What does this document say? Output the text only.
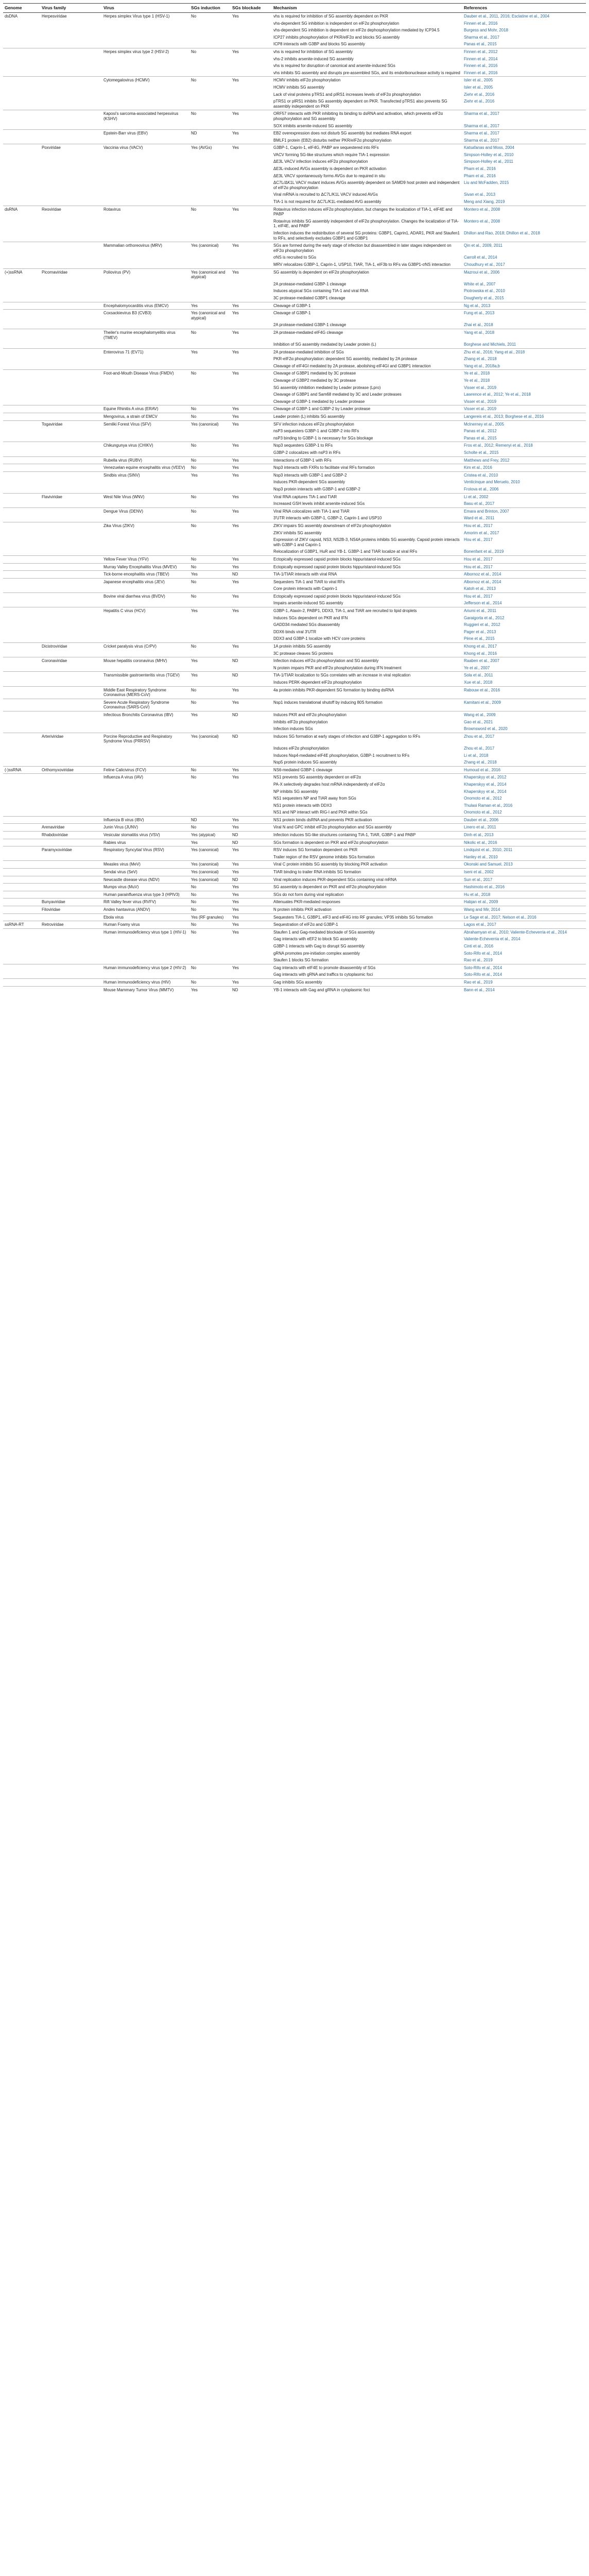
Genome	Virus family	Virus	SGs induction	SGs blockade	Mechanism	References
dsDNA	Herpesviridae	Herpes simplex Virus type 1 (HSV-1)	No	Yes	vhs is required for inhibition of SG assembly dependent on PKR	Dauber et al., 2011, 2016; Esclatine et al., 2004
					vhs-dependent SG inhibition is independent on eIF2α phosphorylation	Finnen et al., 2016
					vhs-dependent SG inhibition is dependent on eIF2α dephosphorylation mediated by ICP34.5	Burgess and Mohr, 2018
					ICP27 inhibits phosphorylation of PKR/eIF2α and blocks SG assembly	Sharma et al., 2017
					ICP8 interacts with G3BP and blocks SG assembly	Panas et al., 2015
		Herpes simplex virus type 2 (HSV-2)	No	Yes	vhs is required for inhibition of SG assembly	Finnen et al., 2012
					vhs-2 inhibits arsenite-induced SG assembly	Finnen et al., 2014
					vhs is required for disruption of canonical and arsenite-induced SGs	Finnen et al., 2016
					vhs inhibits SG assembly and disrupts pre-assembled SGs, and its endoribonuclease activity is required	Finnen et al., 2016
		Cytomegalovirus (HCMV)	No	Yes	HCMV inhibits eIF2α phosphorylation	Isler et al., 2005
					HCMV inhibits SG assembly	Isler et al., 2005
					Lack of viral proteins pTRS1 and pIRS1 increases levels of eIF2α phosphorylation	Ziehr et al., 2016
					pTRS1 or pIRS1 inhibits SG assembly dependent on PKR. Transfected pTRS1 also prevents SG assembly independent on PKR	Ziehr et al., 2016
		Kaposi's sarcoma-associated herpesvirus (KSHV)	No	Yes	ORF57 interacts with PKR inhibiting its binding to dsRNA and activation, which prevents eIF2α phosphorylation and SG assembly	Sharma et al., 2017
					SOX inhibits arsenite-induced SG assembly	Sharma et al., 2017
		Epstein-Barr virus (EBV)	ND	Yes	EB2 overexpression does not disturb SG assembly but mediates RNA export	Sharma et al., 2017
					BMLF1 protein (EB2) disturbs neither PKR/eIF2α phosphorylation	Sharma et al., 2017
	Poxviridae	Vaccinia virus (VACV)	Yes (AVGs)	Yes	G3BP-1, Caprin-1, eIF4G, PABP are sequestered into RFs	Katsafanas and Moss, 2004
					VACV forming SG-like structures which require TIA-1 expression	Simpson-Holley et al., 2010
					ΔE3L VACV infection induces eIF2α phosphorylation	Simpson-Holley et al., 2011
					ΔE3L-induced AVGs assembly is dependent on PKR activation	Pham et al., 2016
					ΔE3L VACV spontaneously forms AVGs due to required in situ	Pham et al., 2016
					ΔC7L/ΔK1L VACV mutant induces AVGs assembly dependent on SAMD9 host protein and independent of eIF2α phosphorylation	Liu and McFadden, 2015
					Viral mRNA is recruited to ΔC7L/K1L VACV induced AVGs	Sivan et al., 2013
					TIA-1 is not required for ΔC7L/K1L-mediated AVG assembly	Meng and Xiang, 2019
dsRNA	Reoviridae	Rotavirus	No	Yes	Rotavirus infection induces eIF2α phosphorylation, but changes the localization of TIA-1, eIF4E and PABP	Montero et al., 2008
					Rotavirus inhibits SG assembly independent of eIF2α phosphorylation. Changes the localization of TIA-1, eIF4E, and PABP	Montero et al., 2008
					Infection induces the redistribution of several SG proteins: G3BP1, Caprin1, ADAR1, PKR and Staufen1 to RFs, and selectively excludes G3BP1 and G3BP1	Dhillon and Rao, 2018; Dhillon et al., 2018
		Mammalian orthoreovirus (MRV)	Yes (canonical)	Yes	SGs are formed during the early stage of infection but disassembled in later stages independent on eIF2α phosphorylation	Qin et al., 2009, 2011
					σNS is recruited to SGs	Carroll et al., 2014
					MRV relocalizes G3BP-1, Caprin-1, USP10, TIAR, TIA-1, eIF3b to RFs via G3BP1-σNS interaction	Choudhury et al., 2017
(+)ssRNA	Picornaviridae	Poliovirus (PV)	Yes (canonical and atypical)	Yes	SG assembly is dependent on eIF2α phosphorylation	Mazroui et al., 2006
					2A protease-mediated G3BP-1 cleavage	White et al., 2007
					Induces atypical SGs containing TIA-1 and viral RNA	Piotrowska et al., 2010
					3C protease-mediated G3BP1 cleavage	Dougherty et al., 2015
		Encephalomyocarditis virus (EMCV)	Yes	Yes	Cleavage of G3BP-1	Ng et al., 2013
		Coxsackievirus B3 (CVB3)	Yes (canonical and atypical)	Yes	Cleavage of G3BP-1	Fung et al., 2013
					2A protease-mediated G3BP-1 cleavage	Zhai et al., 2018
		Theiler's murine encephalomyelitis virus (TMEV)	No	Yes	2A protease-mediated eIF4G cleavage	Yang et al., 2018
					Inhibition of SG assembly mediated by Leader protein (L)	Borghese and Michiels, 2011
		Enterovirus 71 (EV71)	Yes	Yes	2A protease-mediated inhibition of SGs	Zhu et al., 2016; Yang et al., 2018
					PKR-eIF2α phosphorylation: dependent SG assembly, mediated by 2A protease	Zhang et al., 2018
					Cleavage of eIF4GI mediated by 2A protease, abolishing eIF4GI and G3BP1 interaction	Yang et al., 2018a,b
		Foot-and-Mouth Disease Virus (FMDV)	No	Yes	Cleavage of G3BP1 mediated by 3C protease	Ye et al., 2018
					Cleavage of G3BP2 mediated by 3C protease	Ye et al., 2018
					SG assembly inhibition mediated by Leader protease (Lpro)	Visser et al., 2019
					Cleavage of G3BP1 and Sam68 mediated by 3C and Leader proteases	Lawrence et al., 2012; Ye et al., 2018
					Cleavage of G3BP-1 mediated by Leader protease	Visser et al., 2019
		Equine Rhinitis A virus (ERAV)	No	Yes	Cleavage of G3BP-1 and G3BP-2 by Leader protease	Visser et al., 2019
		Mengovirus, a strain of EMCV	No	Yes	Leader protein (L) inhibits SG assembly	Langereis et al., 2013; Borghese et al., 2016
	Togaviridae	Semliki Forest Virus (SFV)	Yes (canonical)	Yes	SFV infection induces eIF2α phosphorylation	McInerney et al., 2005
					nsP3 sequesters G3BP-1 and G3BP-2 into RFs	Panas et al., 2012
					nsP3 binding to G3BP-1 is necessary for SGs blockage	Panas et al., 2015
		Chikungunya virus (CHIKV)	No	Yes	Nsp3 sequesters G3BP-1 to RFs	Fros et al., 2012; Remenyi et al., 2018
					G3BP-2 colocalizes with nsP3 in RFs	Scholte et al., 2015
		Rubella virus (RUBV)	No	Yes	Interactions of G3BP-1 with RFs	Matthews and Frey, 2012
		Venezuelan equine encephalitis virus (VEEV)	No	Yes	Nsp3 interacts with FXRs to facilitate viral RFs formation	Kim et al., 2016
		Sindbis virus (SINV)	Yes	Yes	Nsp3 interacts with G3BP-1 and G3BP-2	Cristea et al., 2010
					Induces PKR-dependent SGs assembly	Venticinque and Meruelo, 2010
					Nsp3 protein interacts with G3BP-1 and G3BP-2	Frolova et al., 2006
	Flaviviridae	West Nile Virus (WNV)	No	Yes	Viral RNA captures TIA-1 and TIAR	Li et al., 2002
					Increased GSH levels inhibit arsenite-induced SGs	Basu et al., 2017
		Dengue Virus (DENV)	No	Yes	Viral RNA colocalizes with TIA-1 and TIAR	Emara and Brinton, 2007
					3'UTR interacts with G3BP-1, G3BP-2, Caprin-1 and USP10	Ward et al., 2011
		Zika Virus (ZIKV)	No	Yes	ZIKV impairs SG assembly downstream of eIF2α phosphorylation	Hou et al., 2017
					ZIKV inhibits SG assembly	Amorim et al., 2017
					Expression of ZIKV capsid, NS3, NS2B-3, NS4A proteins inhibits SG assembly. Capsid protein interacts with G3BP-1 and Caprin-1	Hou et al., 2017
					Relocalization of G3BP1, HuR and YB-1. G3BP-1 and TIAR localize at viral RFs	Bonenfant et al., 2019
		Yellow Fever Virus (YFV)	No	Yes	Ectopically expressed capsid protein blocks hippuristanol-induced SGs	Hou et al., 2017
		Murray Valley Encephalitis Virus (MVEV)	No	Yes	Ectopically expressed capsid protein blocks hippuristanol-induced SGs	Hou et al., 2017
		Tick-borne encephalitis virus (TBEV)	Yes	ND	TIA-1/TIAR interacts with viral RNA	Albornoz et al., 2014
		Japanese encephalitis virus (JEV)	No	Yes	Sequesters TIA-1 and TIAR to viral RFs	Albornoz et al., 2014
					Core protein interacts with Caprin-1	Katoh et al., 2013
		Bovine viral diarrhea virus (BVDV)	No	Yes	Ectopically expressed capsid protein blocks hippuristanol-induced SGs	Hou et al., 2017
					Impairs arsenite-induced SG assembly	Jefferson et al., 2014
		Hepatitis C virus (HCV)	Yes	Yes	G3BP-1, Ataxin-2, PABP1, DDX3, TIA-1, and TIAR are recruited to lipid droplets	Ariumi et al., 2011
					Induces SGs dependent on PKR and IFN	Garaigorta et al., 2012
					GADD34 mediated SGs disassembly	Ruggieri et al., 2012
					DDX6 binds viral 3'UTR	Pager et al., 2013
					DDX3 and G3BP-1 localize with HCV core proteins	Pène et al., 2015
	Dicistroviridae	Cricket paralysis virus (CrPV)	No	Yes	1A protein inhibits SG assembly	Khong et al., 2017
					3C protease cleaves SG proteins	Khong et al., 2016
	Coronaviridae	Mouse hepatitis coronavirus (MHV)	Yes	ND	Infection induces eIF2α phosphorylation and SG assembly	Raaben et al., 2007
					N protein impairs PKR and eIF2α phosphorylation during IFN treatment	Ye et al., 2007
		Transmissible gastroenteritis virus (TGEV)	Yes	ND	TIA-1/TIAR localization to SGs correlates with an increase in viral replication	Sola et al., 2011
					Induces PERK-dependent eIF2α phosphorylation	Xue et al., 2018
		Middle East Respiratory Syndrome Coronavirus (MERS-CoV)	No	Yes	4a protein inhibits PKR-dependent SG formation by binding dsRNA	Rabouw et al., 2016
		Severe Acute Respiratory Syndrome Coronavirus (SARS-CoV)	No	Yes	Nsp1 induces translational shutoff by inducing 80S formation	Kamitani et al., 2009
		Infectious Bronchitis Coronavirus (IBV)	Yes	ND	Induces PKR and eIF2α phosphorylation	Wang et al., 2009
					Inhibits eIF2α phosphorylation	Gao et al., 2021
					Infection induces SGs	Brownsword et al., 2020
	Arteriviridae	Porcine Reproductive and Respiratory Syndrome Virus (PRRSV)	Yes (canonical)	ND	Induces SG formation at early stages of infection and G3BP-1 aggregation to RFs	Zhou et al., 2017
					Induces eIF2α phosphorylation	Zhou et al., 2017
					Induces Nsp4-mediated eIF4E phosphorylation, G3BP-1 recruitment to RFs	Li et al., 2018
					Nsp5 protein induces SG assembly	Zhang et al., 2018
(-)ssRNA	Orthomyxoviridae	Feline Calicivirus (FCV)	No	Yes	NS6-mediated G3BP-1 cleavage	Humoud et al., 2016
		Influenza A virus (IAV)	No	Yes	NS1 prevents SG assembly dependent on eIF2α	Khaperskyy et al., 2012
					PA-X selectively degrades host mRNA independently of eIF2α	Khaperskyy et al., 2014
					NP inhibits SG assembly	Khaperskyy et al., 2014
					NS1 sequesters NP and TIAR away from SGs	Onomoto et al., 2012
					NS1 protein interacts with DDX3	Thulasi Raman et al., 2016
					NS1 and NP interact with RIG-I and PKR within SGs	Onomoto et al., 2012
		Influenza B virus (IBV)	ND	Yes	NS1 protein binds dsRNA and prevents PKR activation	Dauber et al., 2006
	Arenaviridae	Junin Virus (JUNV)	No	Yes	Viral N and GPC inhibit eIF2α phosphorylation and SGs assembly	Linero et al., 2011
	Rhabdoviridae	Vesicular stomatitis virus (VSV)	Yes (atypical)	ND	Infection induces SG-like structures containing TIA-1, TIAR, G3BP-1 and PABP	Dinh et al., 2013
		Rabies virus	Yes	ND	SGs formation is dependent on PKR and eIF2α phosphorylation	Nikolic et al., 2016
	Paramyxoviridae	Respiratory Syncytial Virus (RSV)	Yes (canonical)	Yes	RSV induces SG formation dependent on PKR	Lindquist et al., 2010, 2011
					Trailer region of the RSV genome inhibits SGs formation	Hanley et al., 2010
		Measles virus (MeV)	Yes (canonical)	Yes	Viral C protein inhibits SG assembly by blocking PKR activation	Okonski and Samuel, 2013
		Sendai virus (SeV)	Yes (canonical)	Yes	TIAR binding to trailer RNA inhibits SG formation	Iseni et al., 2002
		Newcastle disease virus (NDV)	Yes (canonical)	ND	Viral replication induces PKR-dependent SGs containing viral mRNA	Sun et al., 2017
		Mumps virus (MuV)	No	Yes	SG assembly is dependent on PKR and eIF2α phosphorylation	Hashimoto et al., 2016
		Human parainfluenza virus type 3 (HPIV3)	No	Yes	SGs do not form during viral replication	Hu et al., 2018
	Bunyaviridae	Rift Valley fever virus (RVFV)	No	Yes	Attenuates PKR-mediated responses	Habjan et al., 2009
	Filoviridae	Andes hantavirus (ANDV)	No	Yes	N protein inhibits PKR activation	Wang and Mir, 2014
		Ebola virus	Yes (RF granules)	Yes	Sequesters TIA-1, G3BP1, eIF3 and eIF4G into RF granules; VP35 inhibits SG formation	Le Sage et al., 2017; Nelson et al., 2016
ssRNA-RT	Retroviridae	Human Foamy virus	No	Yes	Sequestration of eIF2α and G3BP-1	Lagos et al., 2017
		Human immunodeficiency virus type 1 (HIV-1)	No	Yes	Staufen 1 and Gag-mediated blockade of SGs assembly	Abrahamyan et al., 2010; Valiente-Echeverria et al., 2014
					Gag interacts with eEF2 to block SG assembly	Valiente-Echeverria et al., 2014
					G3BP-1 interacts with Gag to disrupt SG assembly	Cinti et al., 2016
					gRNA promotes pre-initiation complex assembly	Soto-Rifo et al., 2014
					Staufen 1 blocks SG formation	Rao et al., 2019
		Human immunodeficiency virus type 2 (HIV-2)	No	Yes	Gag interacts with eIF4E to promote disassembly of SGs	Soto-Rifo et al., 2014
					Gag interacts with gRNA and traffics to cytoplasmic foci	Soto-Rifo et al., 2014
		Human immunodeficiency virus (HIV)	No	Yes	Gag inhibits SGs assembly	Rao et al., 2019
		Mouse Mammary Tumor Virus (MMTV)	Yes	ND	YB-1 interacts with Gag and gRNA in cytoplasmic foci	Bann et al., 2014
